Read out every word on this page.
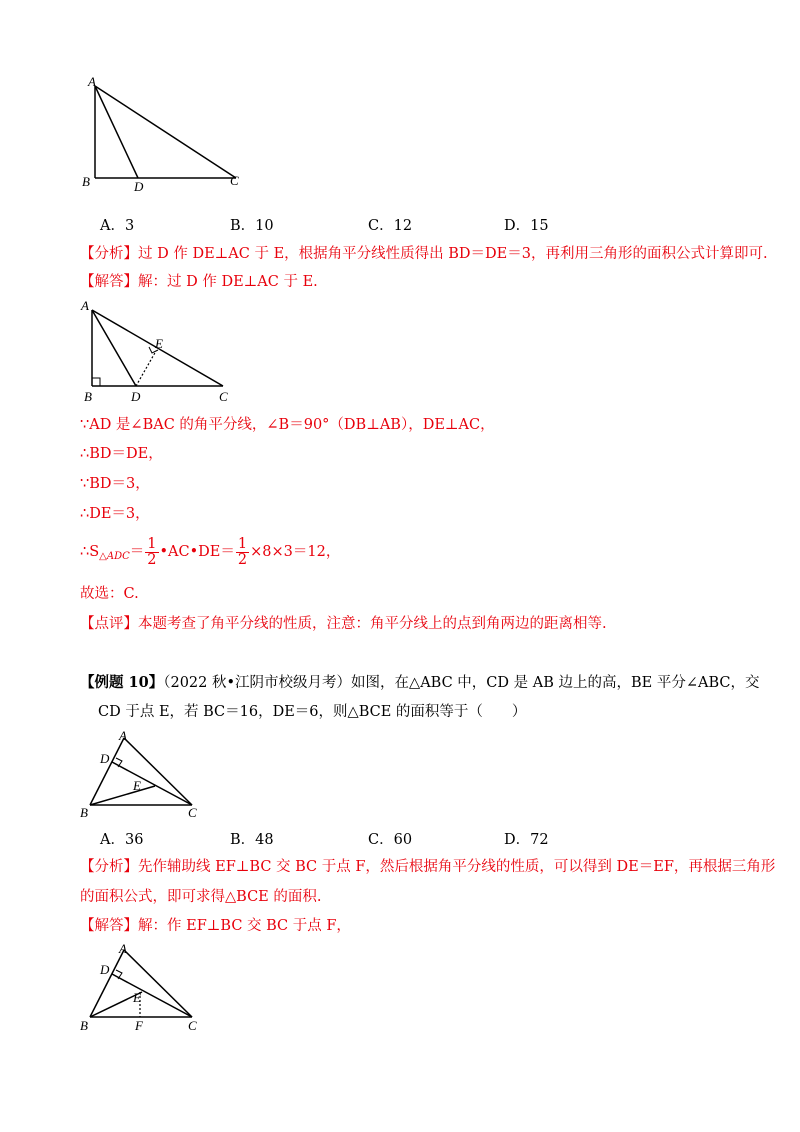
A
B	D	C
A．3	B．10	C．12	D．15
【分析】过 D 作 DE⊥AC 于 E，根据角平分线性质得出 BD＝DE＝3，再利用三角形的面积公式计算即可.
【解答】解：过 D 作 DE⊥AC 于 E.
A
E
B	D	C
∵AD 是∠BAC 的角平分线，∠B＝90°（DB⊥AB），DE⊥AC，
∴BD＝DE，
∵BD＝3，
∴DE＝3，
$\therefore S_{\triangle ADC}= \frac{1}{2}$ •AC•DE＝ $\frac{1}{2} \times 8\times 3=12$，
故选：C.
【点评】本题考查了角平分线的性质，注意：角平分线上的点到角两边的距离相等.
【例题 10】（2022 秋•江阴市校级月考）如图，在△ABC 中，CD 是 AB 边上的高，BE 平分∠ABC，交
CD 于点 E，若 BC＝16，DE＝6，则△BCE 的面积等于（　　）
A
D
E
B	C
A．36	B．48	C．60	D．72
【分析】先作辅助线 EF⊥BC 交 BC 于点 F，然后根据角平分线的性质，可以得到 DE＝EF，再根据三角形
的面积公式，即可求得△BCE 的面积.
【解答】解：作 EF⊥BC 交 BC 于点 F，
A
D
E
B	F	C
